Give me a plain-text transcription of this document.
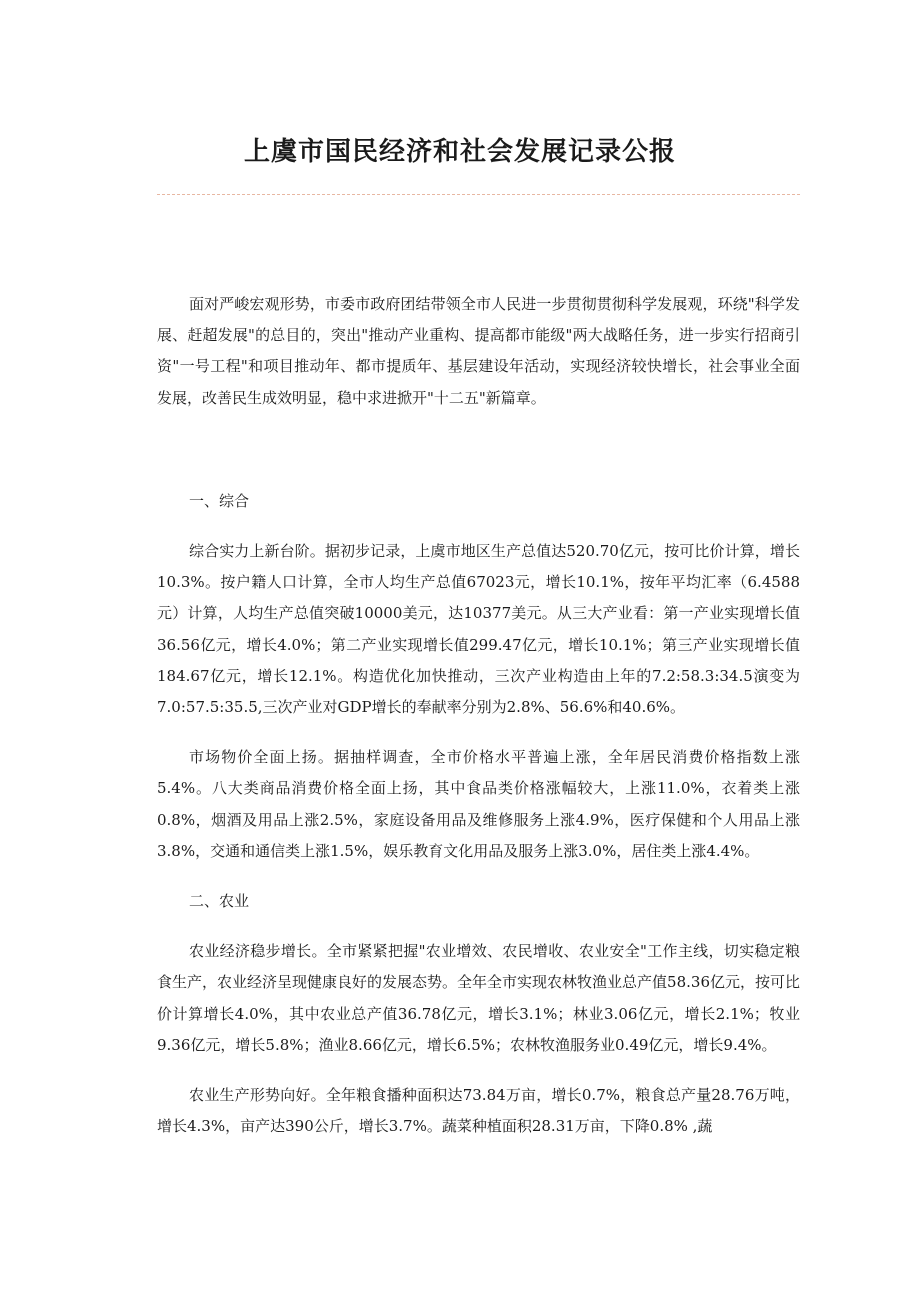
上虞市国民经济和社会发展记录公报

面对严峻宏观形势，市委市政府团结带领全市人民进一步贯彻贯彻科学发展观，环绕"科学发展、赶超发展"的总目的，突出"推动产业重构、提高都市能级"两大战略任务，进一步实行招商引资"一号工程"和项目推动年、都市提质年、基层建设年活动，实现经济较快增长，社会事业全面发展，改善民生成效明显，稳中求进掀开"十二五"新篇章。

一、综合

综合实力上新台阶。据初步记录，上虞市地区生产总值达520.70亿元，按可比价计算，增长10.3%。按户籍人口计算，全市人均生产总值67023元，增长10.1%，按年平均汇率（6.4588元）计算，人均生产总值突破10000美元，达10377美元。从三大产业看：第一产业实现增长值36.56亿元，增长4.0%；第二产业实现增长值299.47亿元，增长10.1%；第三产业实现增长值184.67亿元，增长12.1%。构造优化加快推动，三次产业构造由上年的7.2:58.3:34.5演变为7.0:57.5:35.5,三次产业对GDP增长的奉献率分别为2.8%、56.6%和40.6%。

市场物价全面上扬。据抽样调查，全市价格水平普遍上涨，全年居民消费价格指数上涨5.4%。八大类商品消费价格全面上扬，其中食品类价格涨幅较大，上涨11.0%，衣着类上涨0.8%，烟酒及用品上涨2.5%，家庭设备用品及维修服务上涨4.9%，医疗保健和个人用品上涨3.8%，交通和通信类上涨1.5%，娱乐教育文化用品及服务上涨3.0%，居住类上涨4.4%。

二、农业

农业经济稳步增长。全市紧紧把握"农业增效、农民增收、农业安全"工作主线，切实稳定粮食生产，农业经济呈现健康良好的发展态势。全年全市实现农林牧渔业总产值58.36亿元，按可比价计算增长4.0%，其中农业总产值36.78亿元，增长3.1%；林业3.06亿元，增长2.1%；牧业9.36亿元，增长5.8%；渔业8.66亿元，增长6.5%；农林牧渔服务业0.49亿元，增长9.4%。

农业生产形势向好。全年粮食播种面积达73.84万亩，增长0.7%，粮食总产量28.76万吨，增长4.3%，亩产达390公斤，增长3.7%。蔬菜种植面积28.31万亩，下降0.8% ,蔬
